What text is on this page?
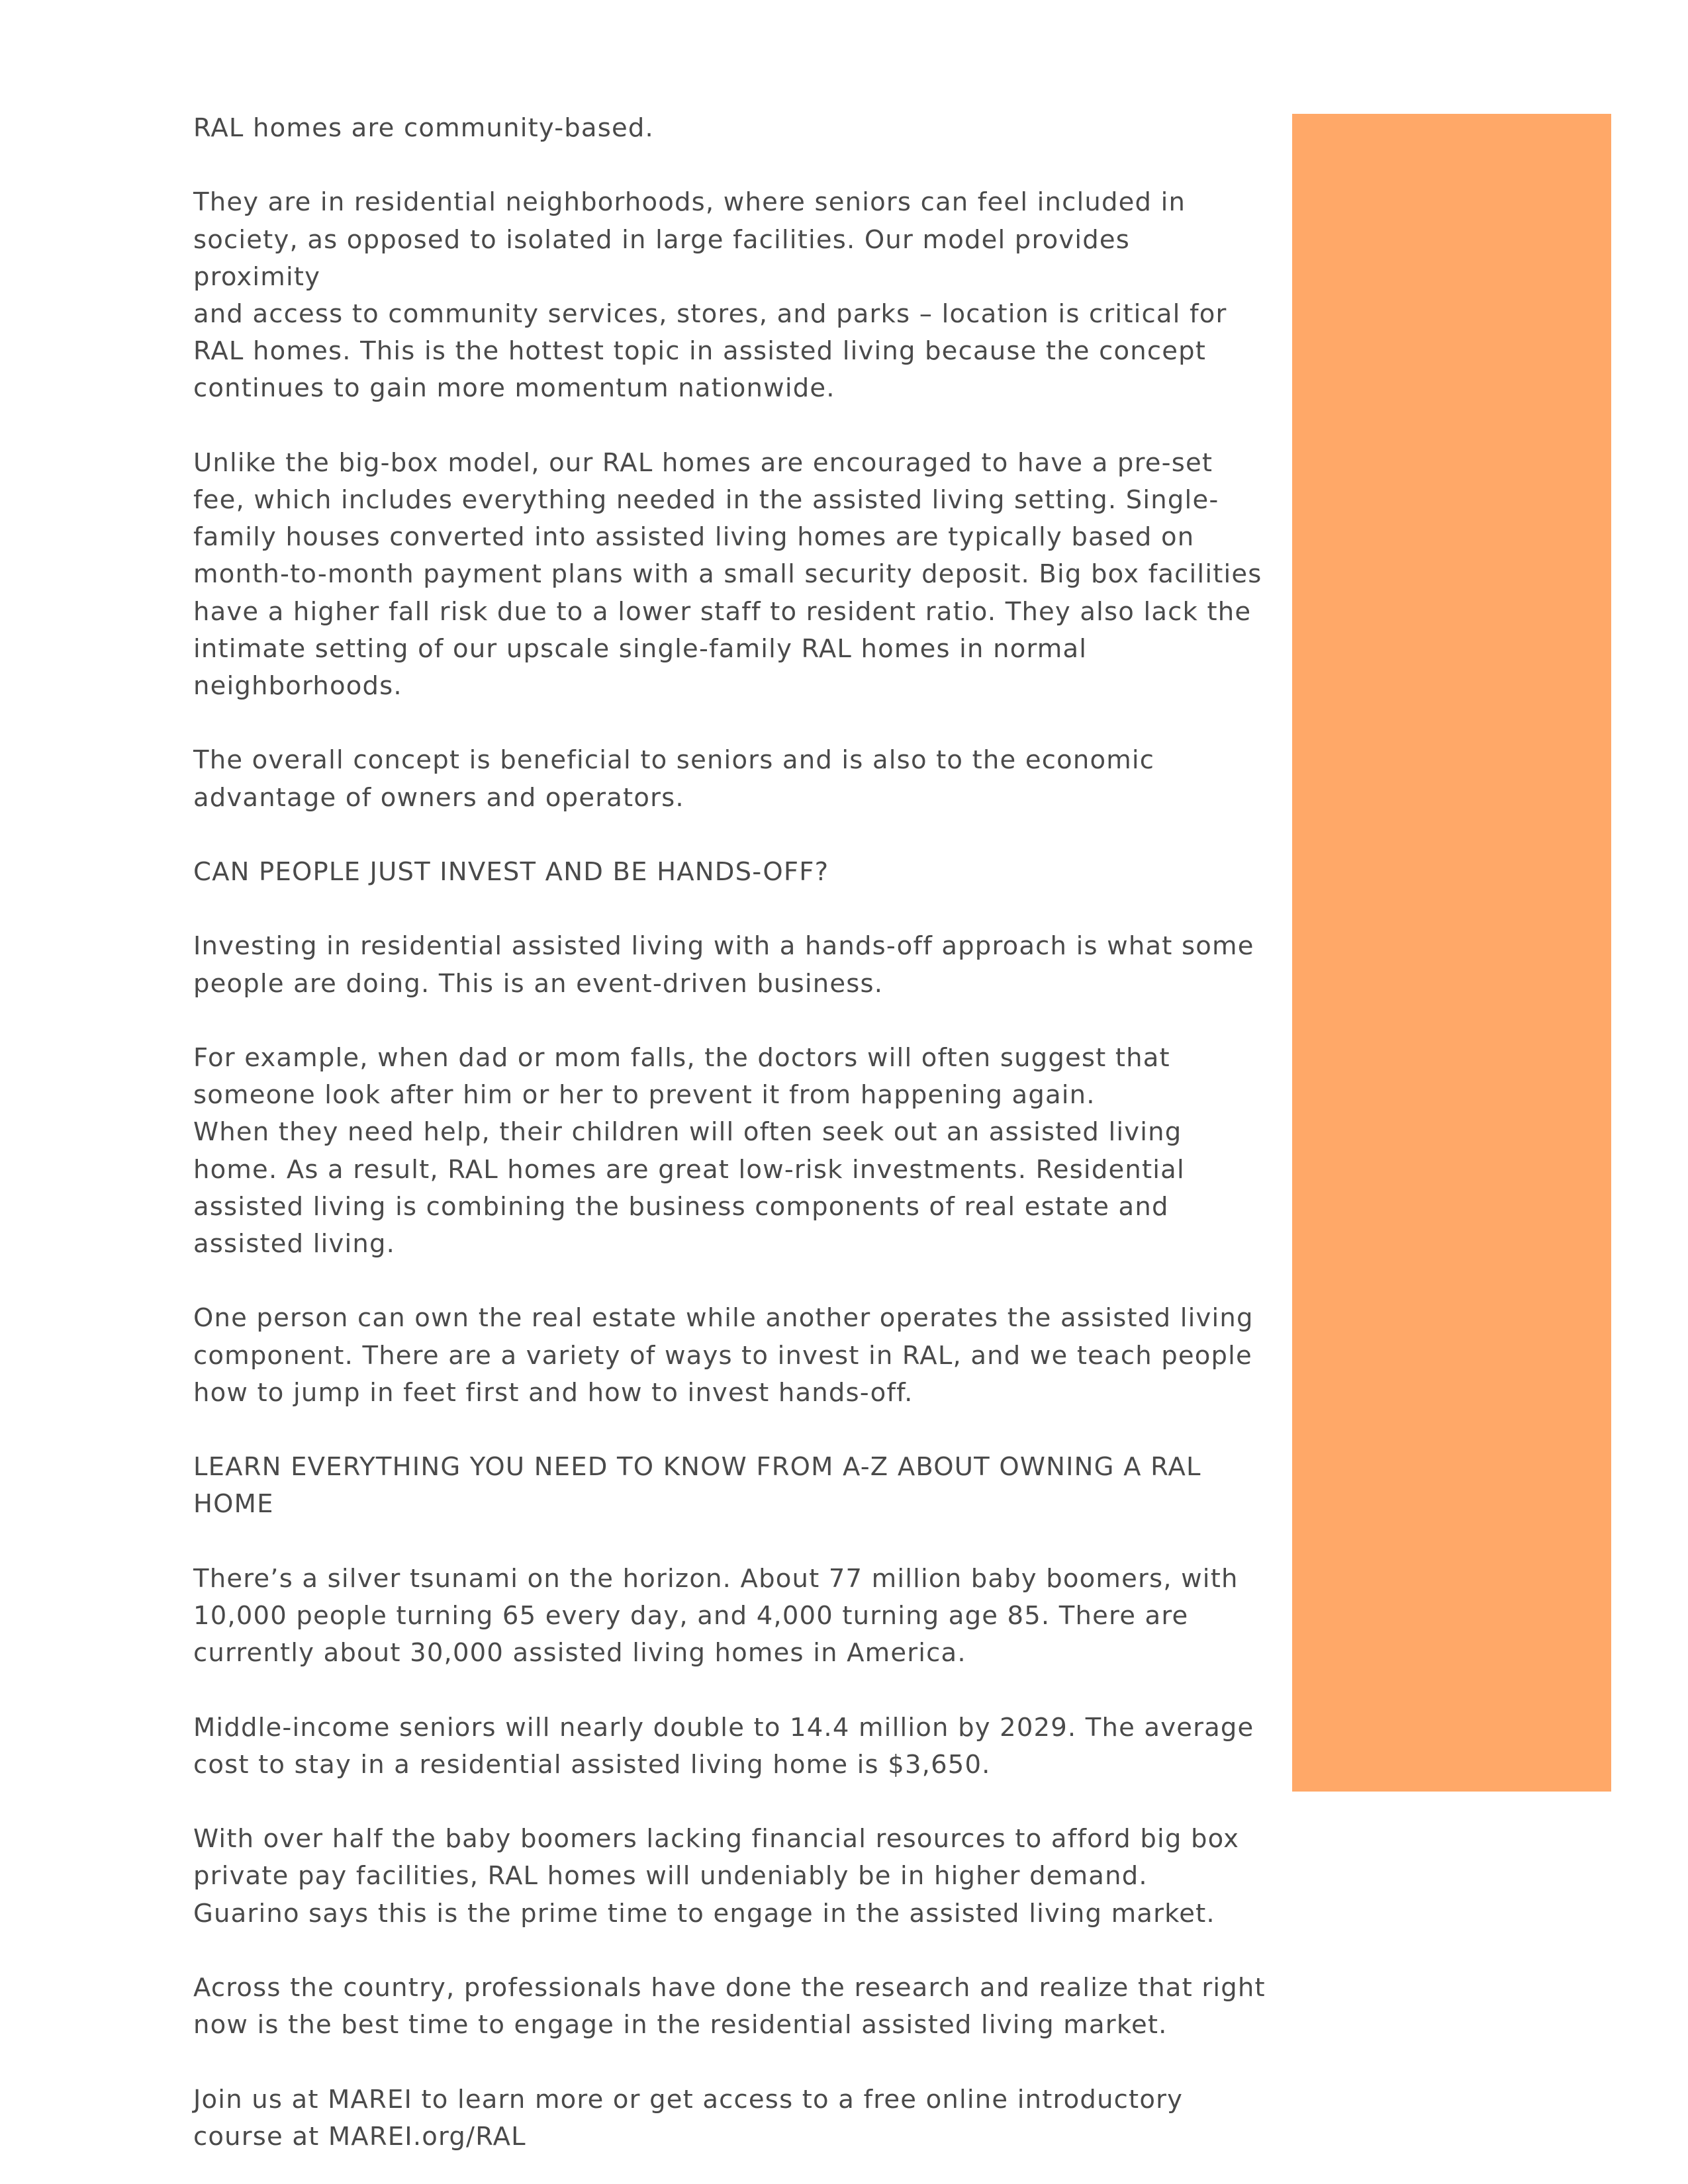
RAL homes are community-based.

They are in residential neighborhoods, where seniors can feel included in
society, as opposed to isolated in large facilities. Our model provides proximity
and access to community services, stores, and parks – location is critical for
RAL homes. This is the hottest topic in assisted living because the concept
continues to gain more momentum nationwide.

Unlike the big-box model, our RAL homes are encouraged to have a pre-set
fee, which includes everything needed in the assisted living setting. Single-
family houses converted into assisted living homes are typically based on
month-to-month payment plans with a small security deposit. Big box facilities
have a higher fall risk due to a lower staff to resident ratio. They also lack the
intimate setting of our upscale single-family RAL homes in normal
neighborhoods.

The overall concept is beneficial to seniors and is also to the economic
advantage of owners and operators.

CAN PEOPLE JUST INVEST AND BE HANDS-OFF?

Investing in residential assisted living with a hands-off approach is what some
people are doing. This is an event-driven business.

For example, when dad or mom falls, the doctors will often suggest that
someone look after him or her to prevent it from happening again.
When they need help, their children will often seek out an assisted living
home. As a result, RAL homes are great low-risk investments. Residential
assisted living is combining the business components of real estate and
assisted living.

One person can own the real estate while another operates the assisted living
component. There are a variety of ways to invest in RAL, and we teach people
how to jump in feet first and how to invest hands-off.

LEARN EVERYTHING YOU NEED TO KNOW FROM A-Z ABOUT OWNING A RAL
HOME

There’s a silver tsunami on the horizon. About 77 million baby boomers, with
10,000 people turning 65 every day, and 4,000 turning age 85. There are
currently about 30,000 assisted living homes in America.

Middle-income seniors will nearly double to 14.4 million by 2029. The average
cost to stay in a residential assisted living home is $3,650.

With over half the baby boomers lacking financial resources to afford big box
private pay facilities, RAL homes will undeniably be in higher demand.
Guarino says this is the prime time to engage in the assisted living market.

Across the country, professionals have done the research and realize that right
now is the best time to engage in the residential assisted living market.

Join us at MAREI to learn more or get access to a free online introductory
course at MAREI.org/RAL
